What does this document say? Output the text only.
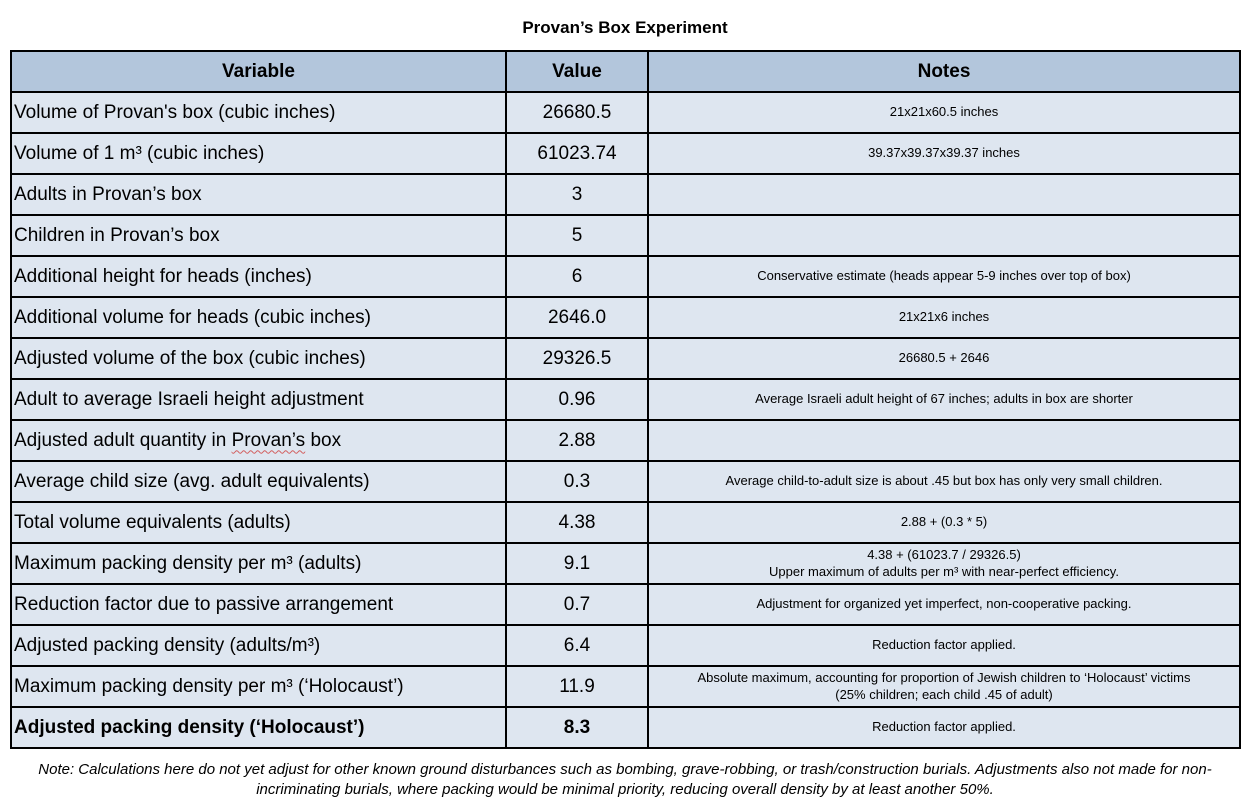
Provan’s Box Experiment
Variable	Value	Notes
Volume of Provan's box (cubic inches)	26680.5	21x21x60.5 inches

Volume of 1 m³ (cubic inches)	61023.74	39.37x39.37x39.37 inches

Adults in Provan’s box	3	
Children in Provan’s box	5	
Additional height for heads (inches)	6	Conservative estimate (heads appear 5-9 inches over top of box)

Additional volume for heads (cubic inches)	2646.0	21x21x6 inches

Adjusted volume of the box (cubic inches)	29326.5	26680.5 + 2646

Adult to average Israeli height adjustment	0.96	Average Israeli adult height of 67 inches; adults in box are shorter

Adjusted adult quantity in Provan’s box	2.88	
Average child size (avg. adult equivalents)	0.3	Average child-to-adult size is about .45 but box has only very small children.

Total volume equivalents (adults)	4.38	2.88 + (0.3 * 5)

Maximum packing density per m³ (adults)	9.1	4.38 + (61023.7 / 29326.5)
Upper maximum of adults per m³ with near-perfect efficiency.

Reduction factor due to passive arrangement	0.7	Adjustment for organized yet imperfect, non-cooperative packing.

Adjusted packing density (adults/m³)	6.4	Reduction factor applied.

Maximum packing density per m³ (‘Holocaust’)	11.9	Absolute maximum, accounting for proportion of Jewish children to ‘Holocaust’ victims
(25% children; each child .45 of adult)

Adjusted packing density (‘Holocaust’)	8.3	Reduction factor applied.
Note: Calculations here do not yet adjust for other known ground disturbances such as bombing, grave-robbing, or trash/construction burials. Adjustments also not made for non-incriminating burials, where packing would be minimal priority, reducing overall density by at least another 50%.
